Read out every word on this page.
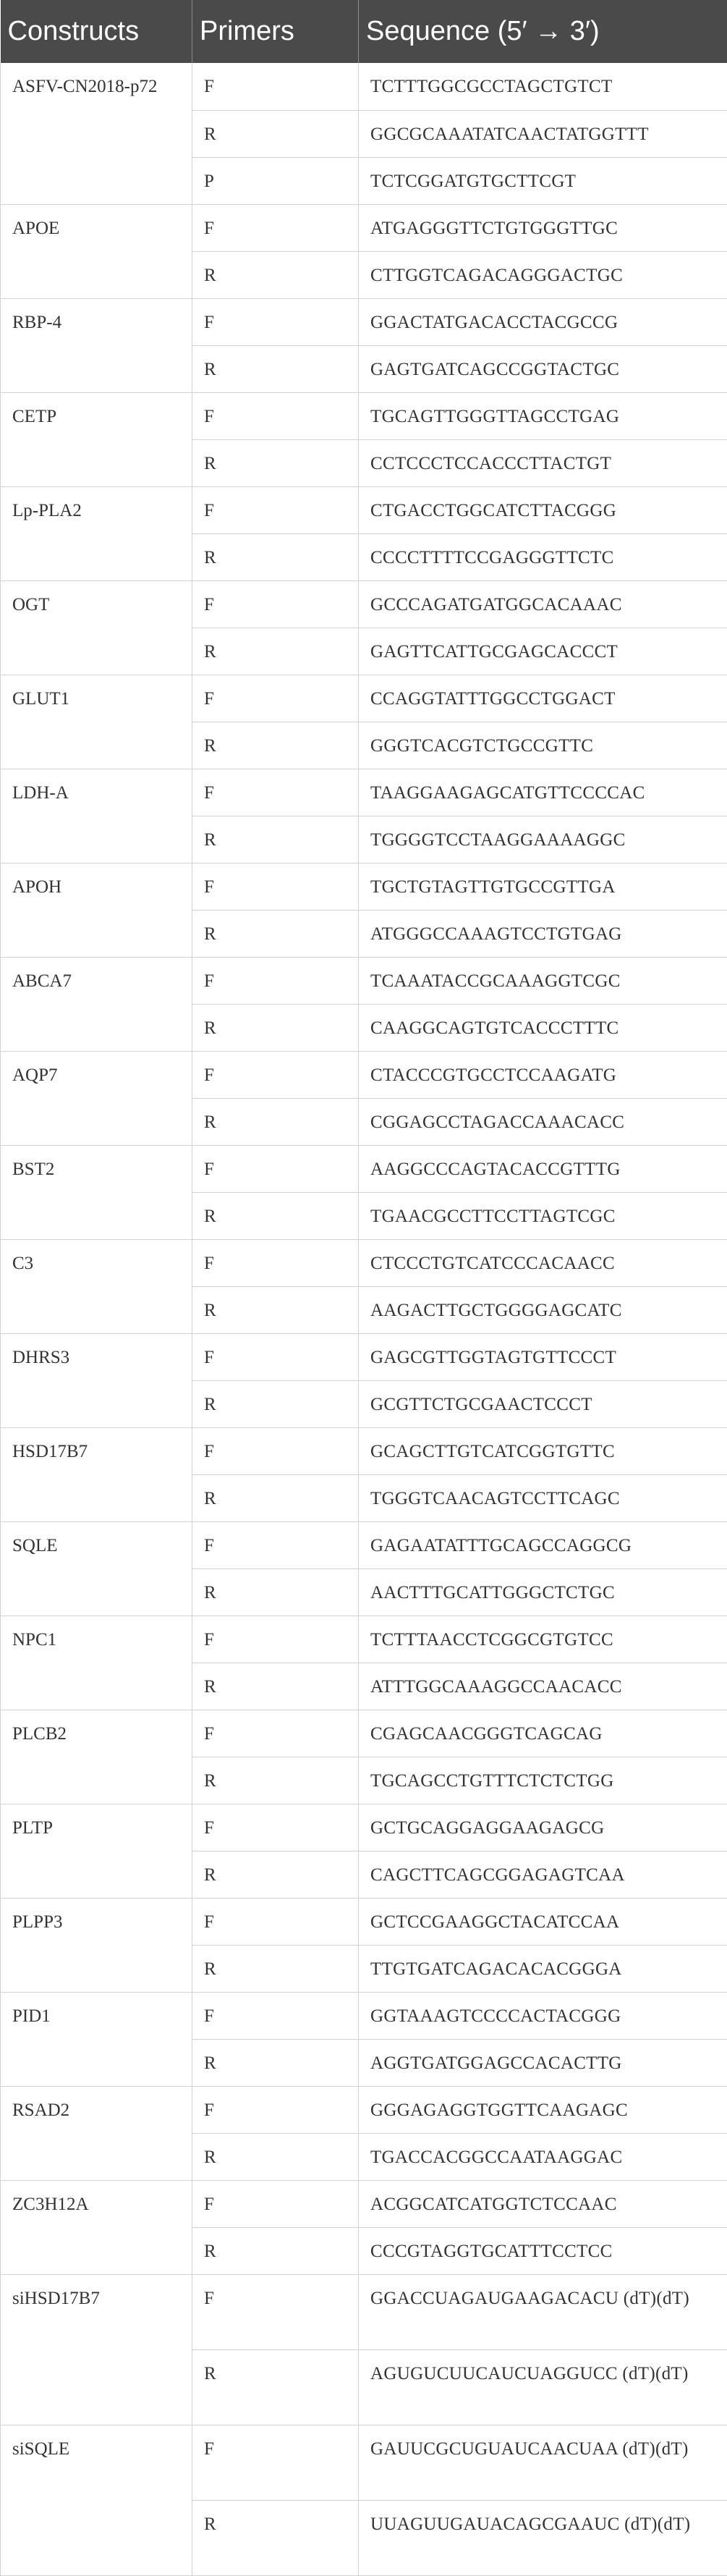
Constructs	Primers	Sequence (5′ → 3′)
ASFV-CN2018-p72	F	TCTTTGGCGCCTAGCTGTCT
	R	GGCGCAAATATCAACTATGGTTT
	P	TCTCGGATGTGCTTCGT
APOE	F	ATGAGGGTTCTGTGGGTTGC
	R	CTTGGTCAGACAGGGACTGC
RBP-4	F	GGACTATGACACCTACGCCG
	R	GAGTGATCAGCCGGTACTGC
CETP	F	TGCAGTTGGGTTAGCCTGAG
	R	CCTCCCTCCACCCTTACTGT
Lp-PLA2	F	CTGACCTGGCATCTTACGGG
	R	CCCCTTTTCCGAGGGTTCTC
OGT	F	GCCCAGATGATGGCACAAAC
	R	GAGTTCATTGCGAGCACCCT
GLUT1	F	CCAGGTATTTGGCCTGGACT
	R	GGGTCACGTCTGCCGTTC
LDH-A	F	TAAGGAAGAGCATGTTCCCCAC
	R	TGGGGTCCTAAGGAAAAGGC
APOH	F	TGCTGTAGTTGTGCCGTTGA
	R	ATGGGCCAAAGTCCTGTGAG
ABCA7	F	TCAAATACCGCAAAGGTCGC
	R	CAAGGCAGTGTCACCCTTTC
AQP7	F	CTACCCGTGCCTCCAAGATG
	R	CGGAGCCTAGACCAAACACC
BST2	F	AAGGCCCAGTACACCGTTTG
	R	TGAACGCCTTCCTTAGTCGC
C3	F	CTCCCTGTCATCCCACAACC
	R	AAGACTTGCTGGGGAGCATC
DHRS3	F	GAGCGTTGGTAGTGTTCCCT
	R	GCGTTCTGCGAACTCCCT
HSD17B7	F	GCAGCTTGTCATCGGTGTTC
	R	TGGGTCAACAGTCCTTCAGC
SQLE	F	GAGAATATTTGCAGCCAGGCG
	R	AACTTTGCATTGGGCTCTGC
NPC1	F	TCTTTAACCTCGGCGTGTCC
	R	ATTTGGCAAAGGCCAACACC
PLCB2	F	CGAGCAACGGGTCAGCAG
	R	TGCAGCCTGTTTCTCTCTGG
PLTP	F	GCTGCAGGAGGAAGAGCG
	R	CAGCTTCAGCGGAGAGTCAA
PLPP3	F	GCTCCGAAGGCTACATCCAA
	R	TTGTGATCAGACACACGGGA
PID1	F	GGTAAAGTCCCCACTACGGG
	R	AGGTGATGGAGCCACACTTG
RSAD2	F	GGGAGAGGTGGTTCAAGAGC
	R	TGACCACGGCCAATAAGGAC
ZC3H12A	F	ACGGCATCATGGTCTCCAAC
	R	CCCGTAGGTGCATTTCCTCC
siHSD17B7	F	GGACCUAGAUGAAGACACU (dT)(dT)
	R	AGUGUCUUCAUCUAGGUCC (dT)(dT)
siSQLE	F	GAUUCGCUGUAUCAACUAA (dT)(dT)
	R	UUAGUUGAUACAGCGAAUC (dT)(dT)
